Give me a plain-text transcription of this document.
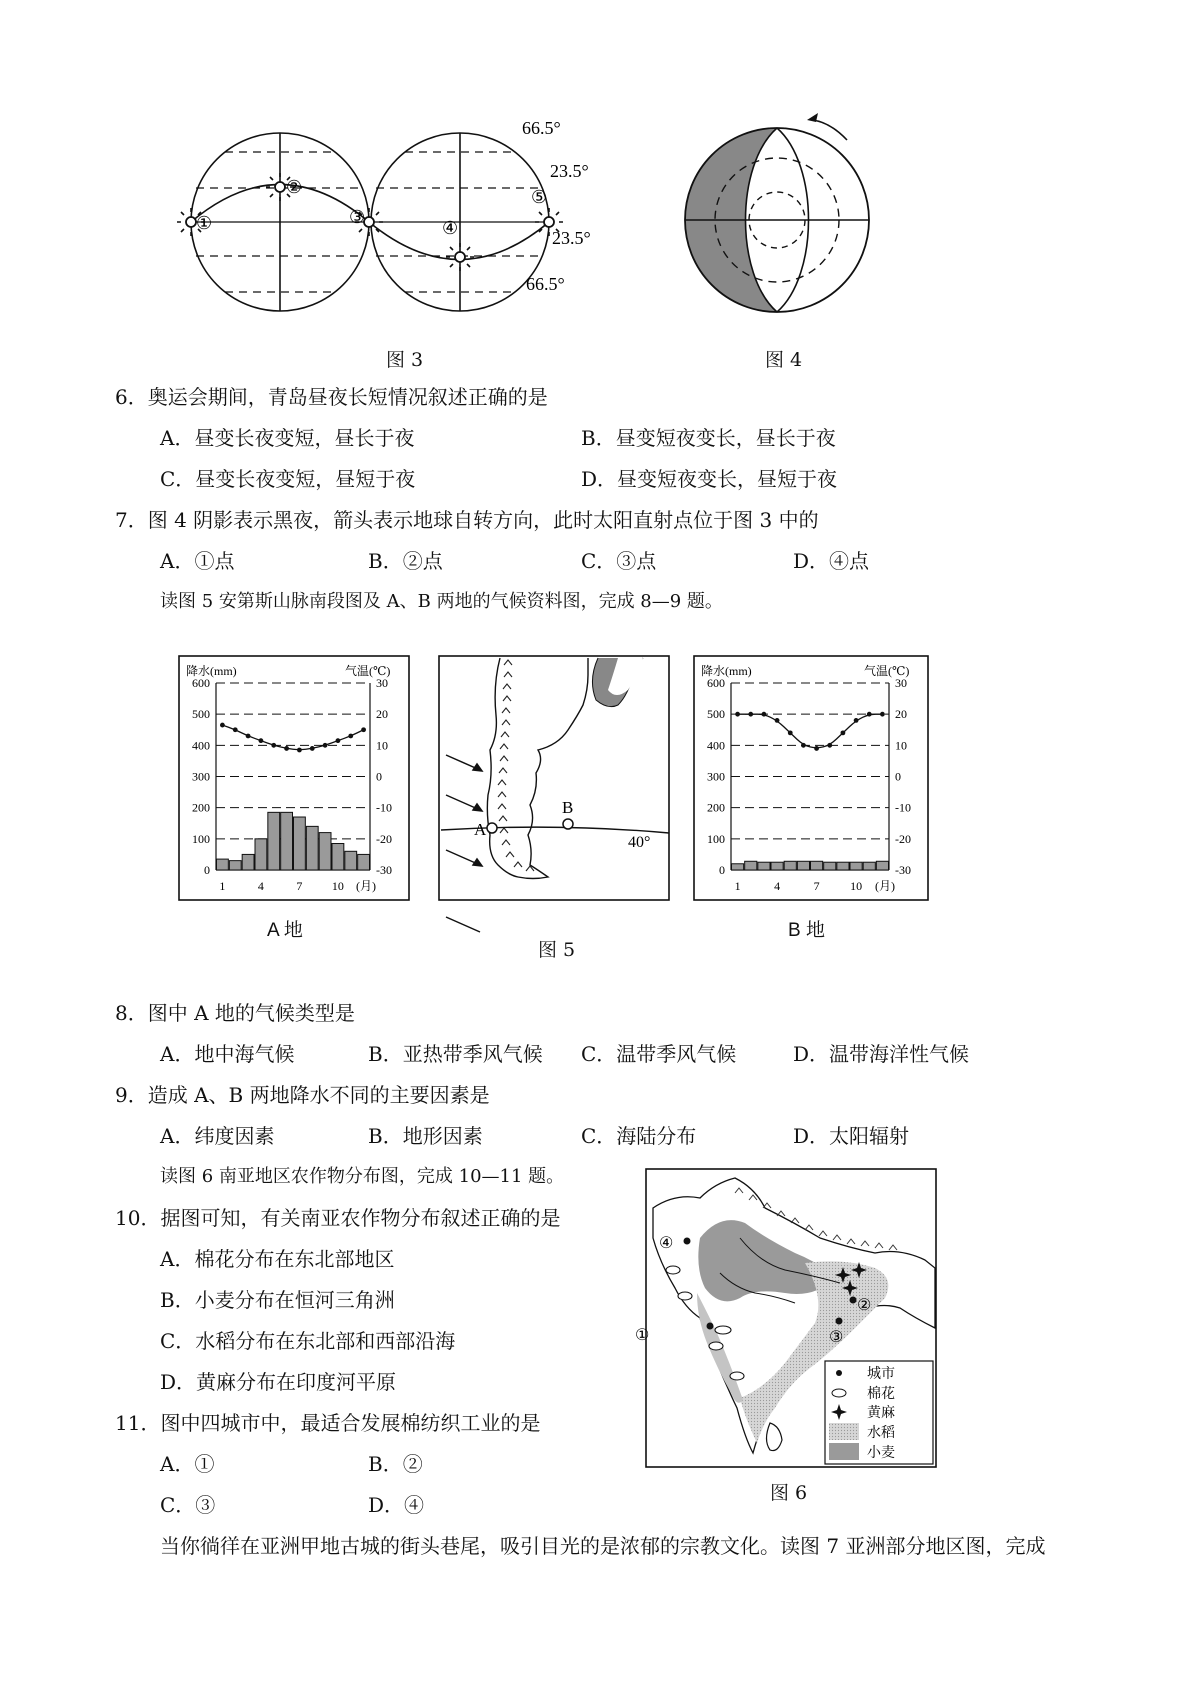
66.5°
23.5°
23.5°
66.5°
①
②
③
④
⑤
图 3	图 4
6．奥运会期间，青岛昼夜长短情况叙述正确的是
A．昼变长夜变短，昼长于夜	B．昼变短夜变长，昼长于夜
C．昼变长夜变短，昼短于夜	D．昼变短夜变长，昼短于夜
7．图 4 阴影表示黑夜，箭头表示地球自转方向，此时太阳直射点位于图 3 中的
A．①点	B．②点	C．③点	D．④点
读图 5 安第斯山脉南段图及 A、B 两地的气候资料图，完成 8—9 题。
600	30
500	20
400	10
300	0
200	-10
100	-20
0	-30
降水(mm)	气温(℃)
1	4	7 10 (月)
A
B
40°
600	30
500	20
400	10
300	0
200	-10
100	-20
0	-30
降水(mm)	气温(℃)
1	4	7	10 (月)
A 地
图 5
B 地
8．图中 A 地的气候类型是
A．地中海气候	B．亚热带季风气候 C．温带季风气候	D．温带海洋性气候
9．造成 A、B 两地降水不同的主要因素是
A．纬度因素	B．地形因素	C．海陆分布	D．太阳辐射
读图 6 南亚地区农作物分布图，完成 10—11 题。
10．据图可知，有关南亚农作物分布叙述正确的是
A．棉花分布在东北部地区
B．小麦分布在恒河三角洲
C．水稻分布在东北部和西部沿海
D．黄麻分布在印度河平原
11．图中四城市中，最适合发展棉纺织工业的是
A．①	B．②
C．③	D．④
④
②
③
①
城市
棉花
黄麻
水稻
小麦
图 6
当你徜徉在亚洲甲地古城的街头巷尾，吸引目光的是浓郁的宗教文化。读图 7 亚洲部分地区图，完成
